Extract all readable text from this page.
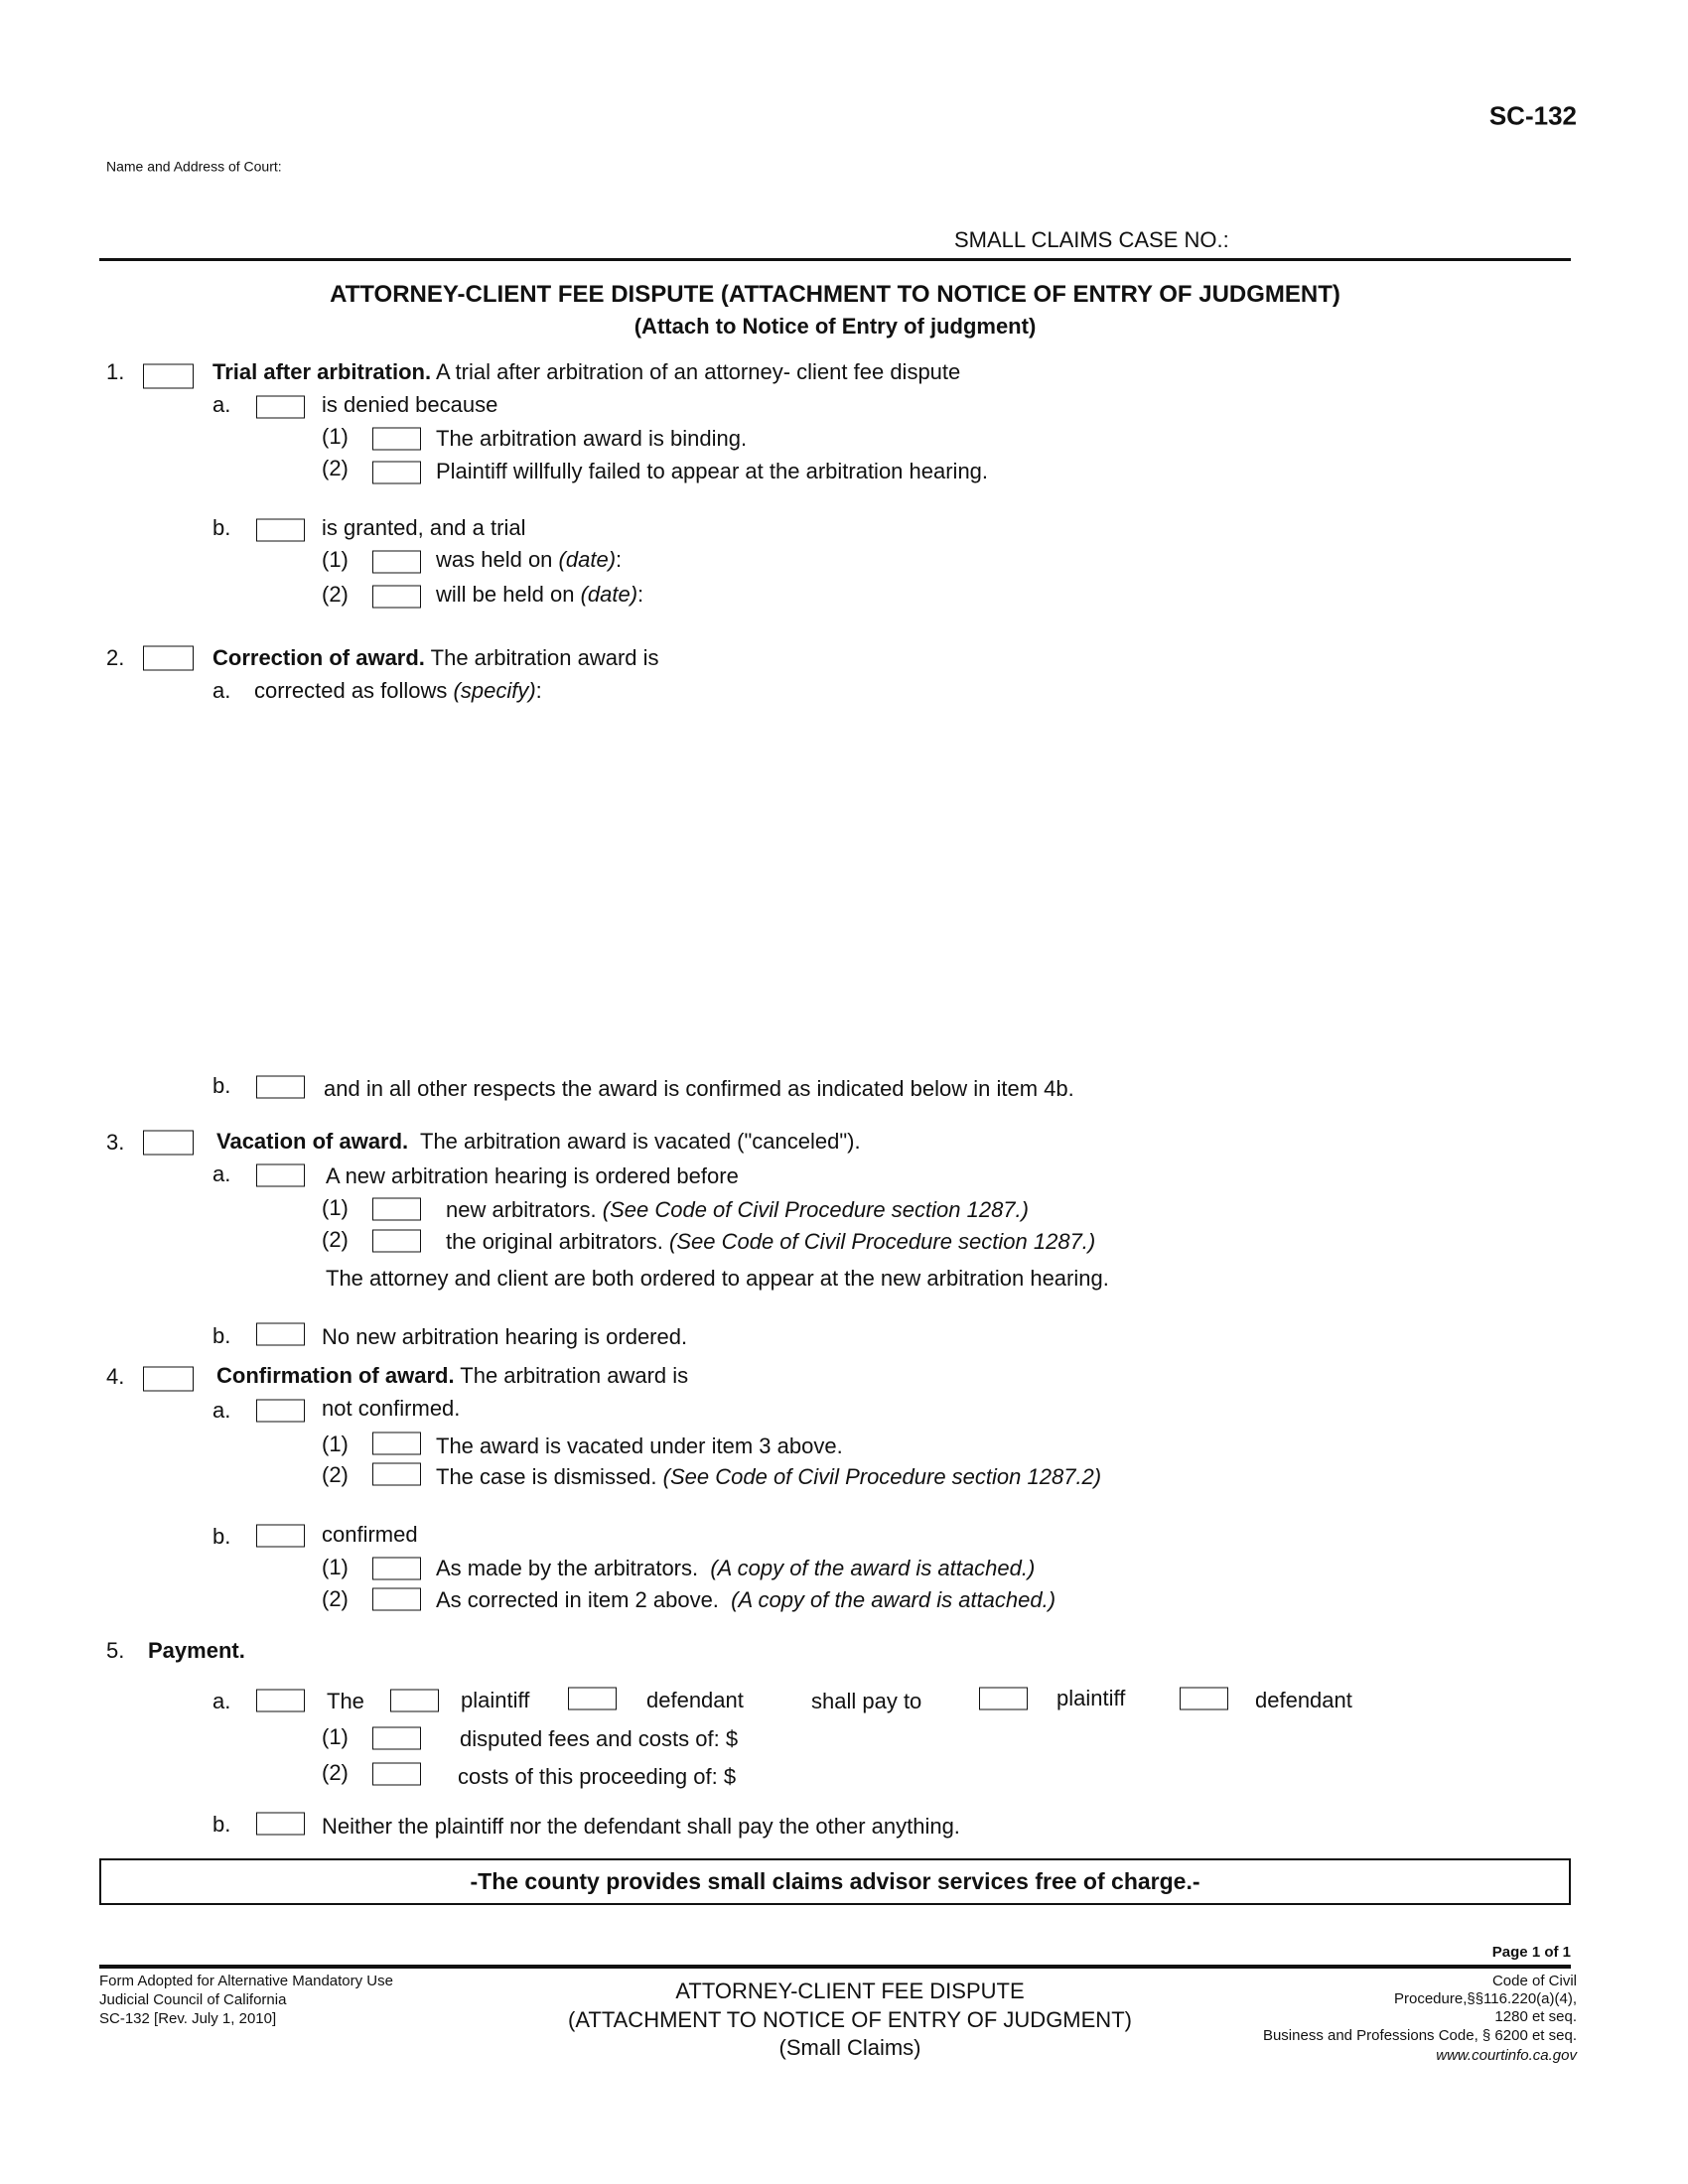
SC-132
Name and Address of Court:
SMALL CLAIMS CASE NO.:
ATTORNEY-CLIENT FEE DISPUTE (ATTACHMENT TO NOTICE OF ENTRY OF JUDGMENT)
(Attach to Notice of Entry of judgment)
1.	Trial after arbitration. A trial after arbitration of an attorney- client fee dispute
a.	is denied because
(1)	The arbitration award is binding.
(2)	Plaintiff willfully failed to appear at the arbitration hearing.
b.	is granted, and a trial
(1)	was held on (date):
(2)	will be held on (date):
2.	Correction of award. The arbitration award is
a. corrected as follows (specify):
b.	and in all other respects the award is confirmed as indicated below in item 4b.
3.	Vacation of award. The arbitration award is vacated ("canceled").
a.	A new arbitration hearing is ordered before
(1)	new arbitrators. (See Code of Civil Procedure section 1287.)
(2)	the original arbitrators. (See Code of Civil Procedure section 1287.)
The attorney and client are both ordered to appear at the new arbitration hearing.
b.	No new arbitration hearing is ordered.
4.	Confirmation of award. The arbitration award is
a.	not confirmed.
(1)	The award is vacated under item 3 above.
(2)	The case is dismissed. (See Code of Civil Procedure section 1287.2)
b.	confirmed
(1)	As made by the arbitrators. (A copy of the award is attached.)
(2)	As corrected in item 2 above. (A copy of the award is attached.)
5. Payment.
a.	The	plaintiff	defendant	shall pay to	plaintiff	defendant
(1)	disputed fees and costs of: $
(2)	costs of this proceeding of: $
b.	Neither the plaintiff nor the defendant shall pay the other anything.
-The county provides small claims advisor services free of charge.-
Page 1 of 1
Form Adopted for Alternative Mandatory Use
Judicial Council of California
SC-132 [Rev. July 1, 2010]
ATTORNEY-CLIENT FEE DISPUTE
(ATTACHMENT TO NOTICE OF ENTRY OF JUDGMENT)
(Small Claims)
Code of Civil
Procedure,§§116.220(a)(4),
1280 et seq.
Business and Professions Code, § 6200 et seq.
www.courtinfo.ca.gov
